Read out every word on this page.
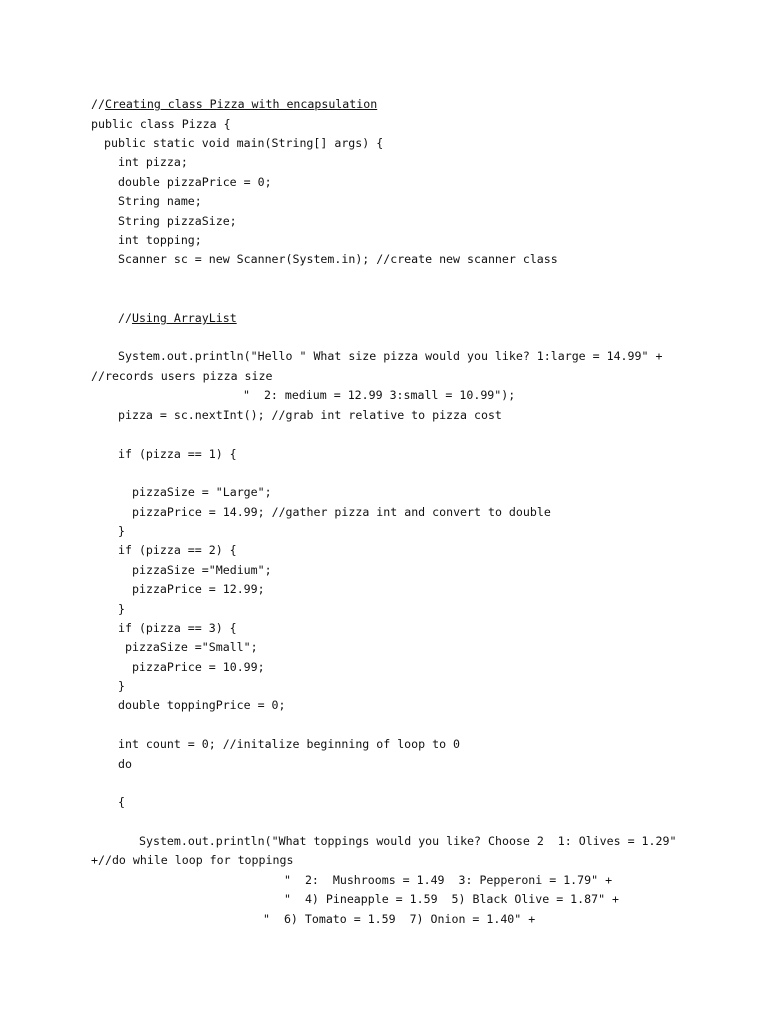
//Creating class Pizza with encapsulation

public class Pizza {

public static void main(String[] args) {

int pizza;

double pizzaPrice = 0;

String name;

String pizzaSize;

int topping;

Scanner sc = new Scanner(System.in); //create new scanner class

//Using ArrayList

System.out.println("Hello " What size pizza would you like? 1:large = 14.99" +

//records users pizza size

"  2: medium = 12.99 3:small = 10.99");

pizza = sc.nextInt(); //grab int relative to pizza cost

if (pizza == 1) {

pizzaSize = "Large";

pizzaPrice = 14.99; //gather pizza int and convert to double

}

if (pizza == 2) {

pizzaSize ="Medium";

pizzaPrice = 12.99;

}

if (pizza == 3) {

pizzaSize ="Small";

pizzaPrice = 10.99;

}

double toppingPrice = 0;

int count = 0; //initalize beginning of loop to 0

do

{

System.out.println("What toppings would you like? Choose 2  1: Olives = 1.29"

+//do while loop for toppings

"  2:  Mushrooms = 1.49  3: Pepperoni = 1.79" +

"  4) Pineapple = 1.59  5) Black Olive = 1.87" +

"  6) Tomato = 1.59  7) Onion = 1.40" +
